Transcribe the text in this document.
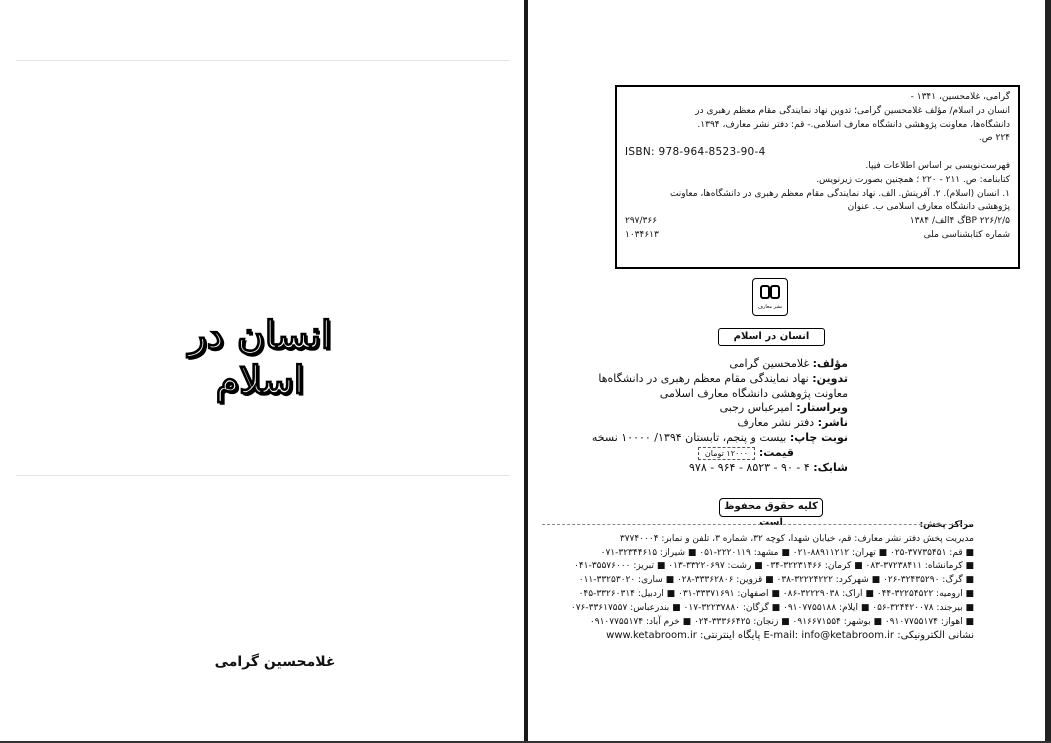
انسان در اسلام
غلامحسین گرامی
گرامی، غلامحسین، ۱۳۴۱ -
انسان در اسلام/ مؤلف غلامحسین گرامی؛ تدوین نهاد نمایندگی مقام معظم رهبری در
دانشگاه‌ها، معاونت پژوهشی دانشگاه معارف اسلامی.- قم: دفتر نشر معارف، ۱۳۹۴.
۲۲۴ ص.
ISBN: 978-964-8523-90-4
فهرست‌نویسی بر اساس اطلاعات فیپا.
کتابنامه: ص. ۲۱۱ - ۲۲۰ ؛ همچنین بصورت زیرنویس.
۱. انسان (اسلام). ۲. آفرینش. الف. نهاد نمایندگی مقام معظم رهبری در دانشگاه‌ها، معاونت
پژوهشی دانشگاه معارف اسلامی ب. عنوان
BP ۲۲۶/۲/۵گ ۴الف/ ۱۳۸۴
۲۹۷/۳۶۶
شماره کتابشناسی ملی
۱۰۳۴۶۱۳
نشر معارف
انسان در اسلام
مؤلف: غلامحسین گرامی
تدوین: نهاد نمایندگی مقام معظم رهبری در دانشگاه‌ها
معاونت پژوهشی دانشگاه معارف اسلامی
ویراستار: امیرعباس رجبی
ناشر: دفتر نشر معارف
نوبت چاپ: بیست و پنجم، تابستان ۱۳۹۴/ ۱۰۰۰۰ نسخه
قیمت:۱۲۰۰۰ تومان
شابک: ۴ - ۹۰ - ۸۵۲۳ - ۹۶۴ - ۹۷۸
کلیه حقوق محفوظ است	مراکز پخش:
مدیریت پخش دفتر نشر معارف: قم، خیابان شهدا، کوچه ۳۲، شماره ۳، تلفن و نمابر: ۳۷۷۴۰۰۰۴
■ قم: ۳۷۷۳۵۴۵۱-۰۲۵ ■ تهران: ۸۸۹۱۱۲۱۲-۰۲۱ ■ مشهد: ۲۲۲۰۱۱۹-۰۵۱ ■ شیراز: ۳۲۳۴۴۶۱۵-۰۷۱
■ کرمانشاه: ۳۷۲۳۸۴۱۱-۰۸۳ ■ کرمان: ۳۲۲۳۱۴۶۶-۰۳۴ ■ رشت: ۳۳۲۲۰۶۹۷-۰۱۳ ■ تبریز: ۳۵۵۷۶۰۰۰-۰۴۱
■ گرگ: ۳۲۴۳۵۲۹۰-۰۲۶ ■ شهرکرد: ۳۲۲۲۴۲۲۲-۰۳۸ ■ قزوین: ۳۳۳۶۲۸۰۶-۰۲۸ ■ ساری: ۳۳۲۵۳۰۲۰-۰۱۱
■ ارومیه: ۳۲۲۵۴۵۲۲-۰۴۴ ■ اراک: ۳۲۲۲۹۰۳۸-۰۸۶ ■ اصفهان: ۳۳۳۷۱۶۹۱-۰۳۱ ■ اردبیل: ۳۳۲۶۰۳۱۴-۰۴۵
■ بیرجند: ۳۲۴۴۲۰۰۷۸-۰۵۶ ■ ایلام: ۰۹۱۰۷۷۵۵۱۸۸ ■ گرگان: ۳۲۲۳۷۸۸۰-۰۱۷ ■ بندرعباس: ۳۳۶۱۷۵۵۷-۰۷۶
■ اهواز: ۰۹۱۰۷۷۵۵۱۷۴ ■ بوشهر: ۰۹۱۶۶۷۱۵۵۴ ■ زنجان: ۳۳۳۶۶۴۲۵-۰۲۴ ■ خرم آباد: ۰۹۱۰۷۷۵۵۱۷۴
نشانی الکترونیکی: E-mail: info@ketabroom.ir پایگاه اینترنتی: www.ketabroom.ir
